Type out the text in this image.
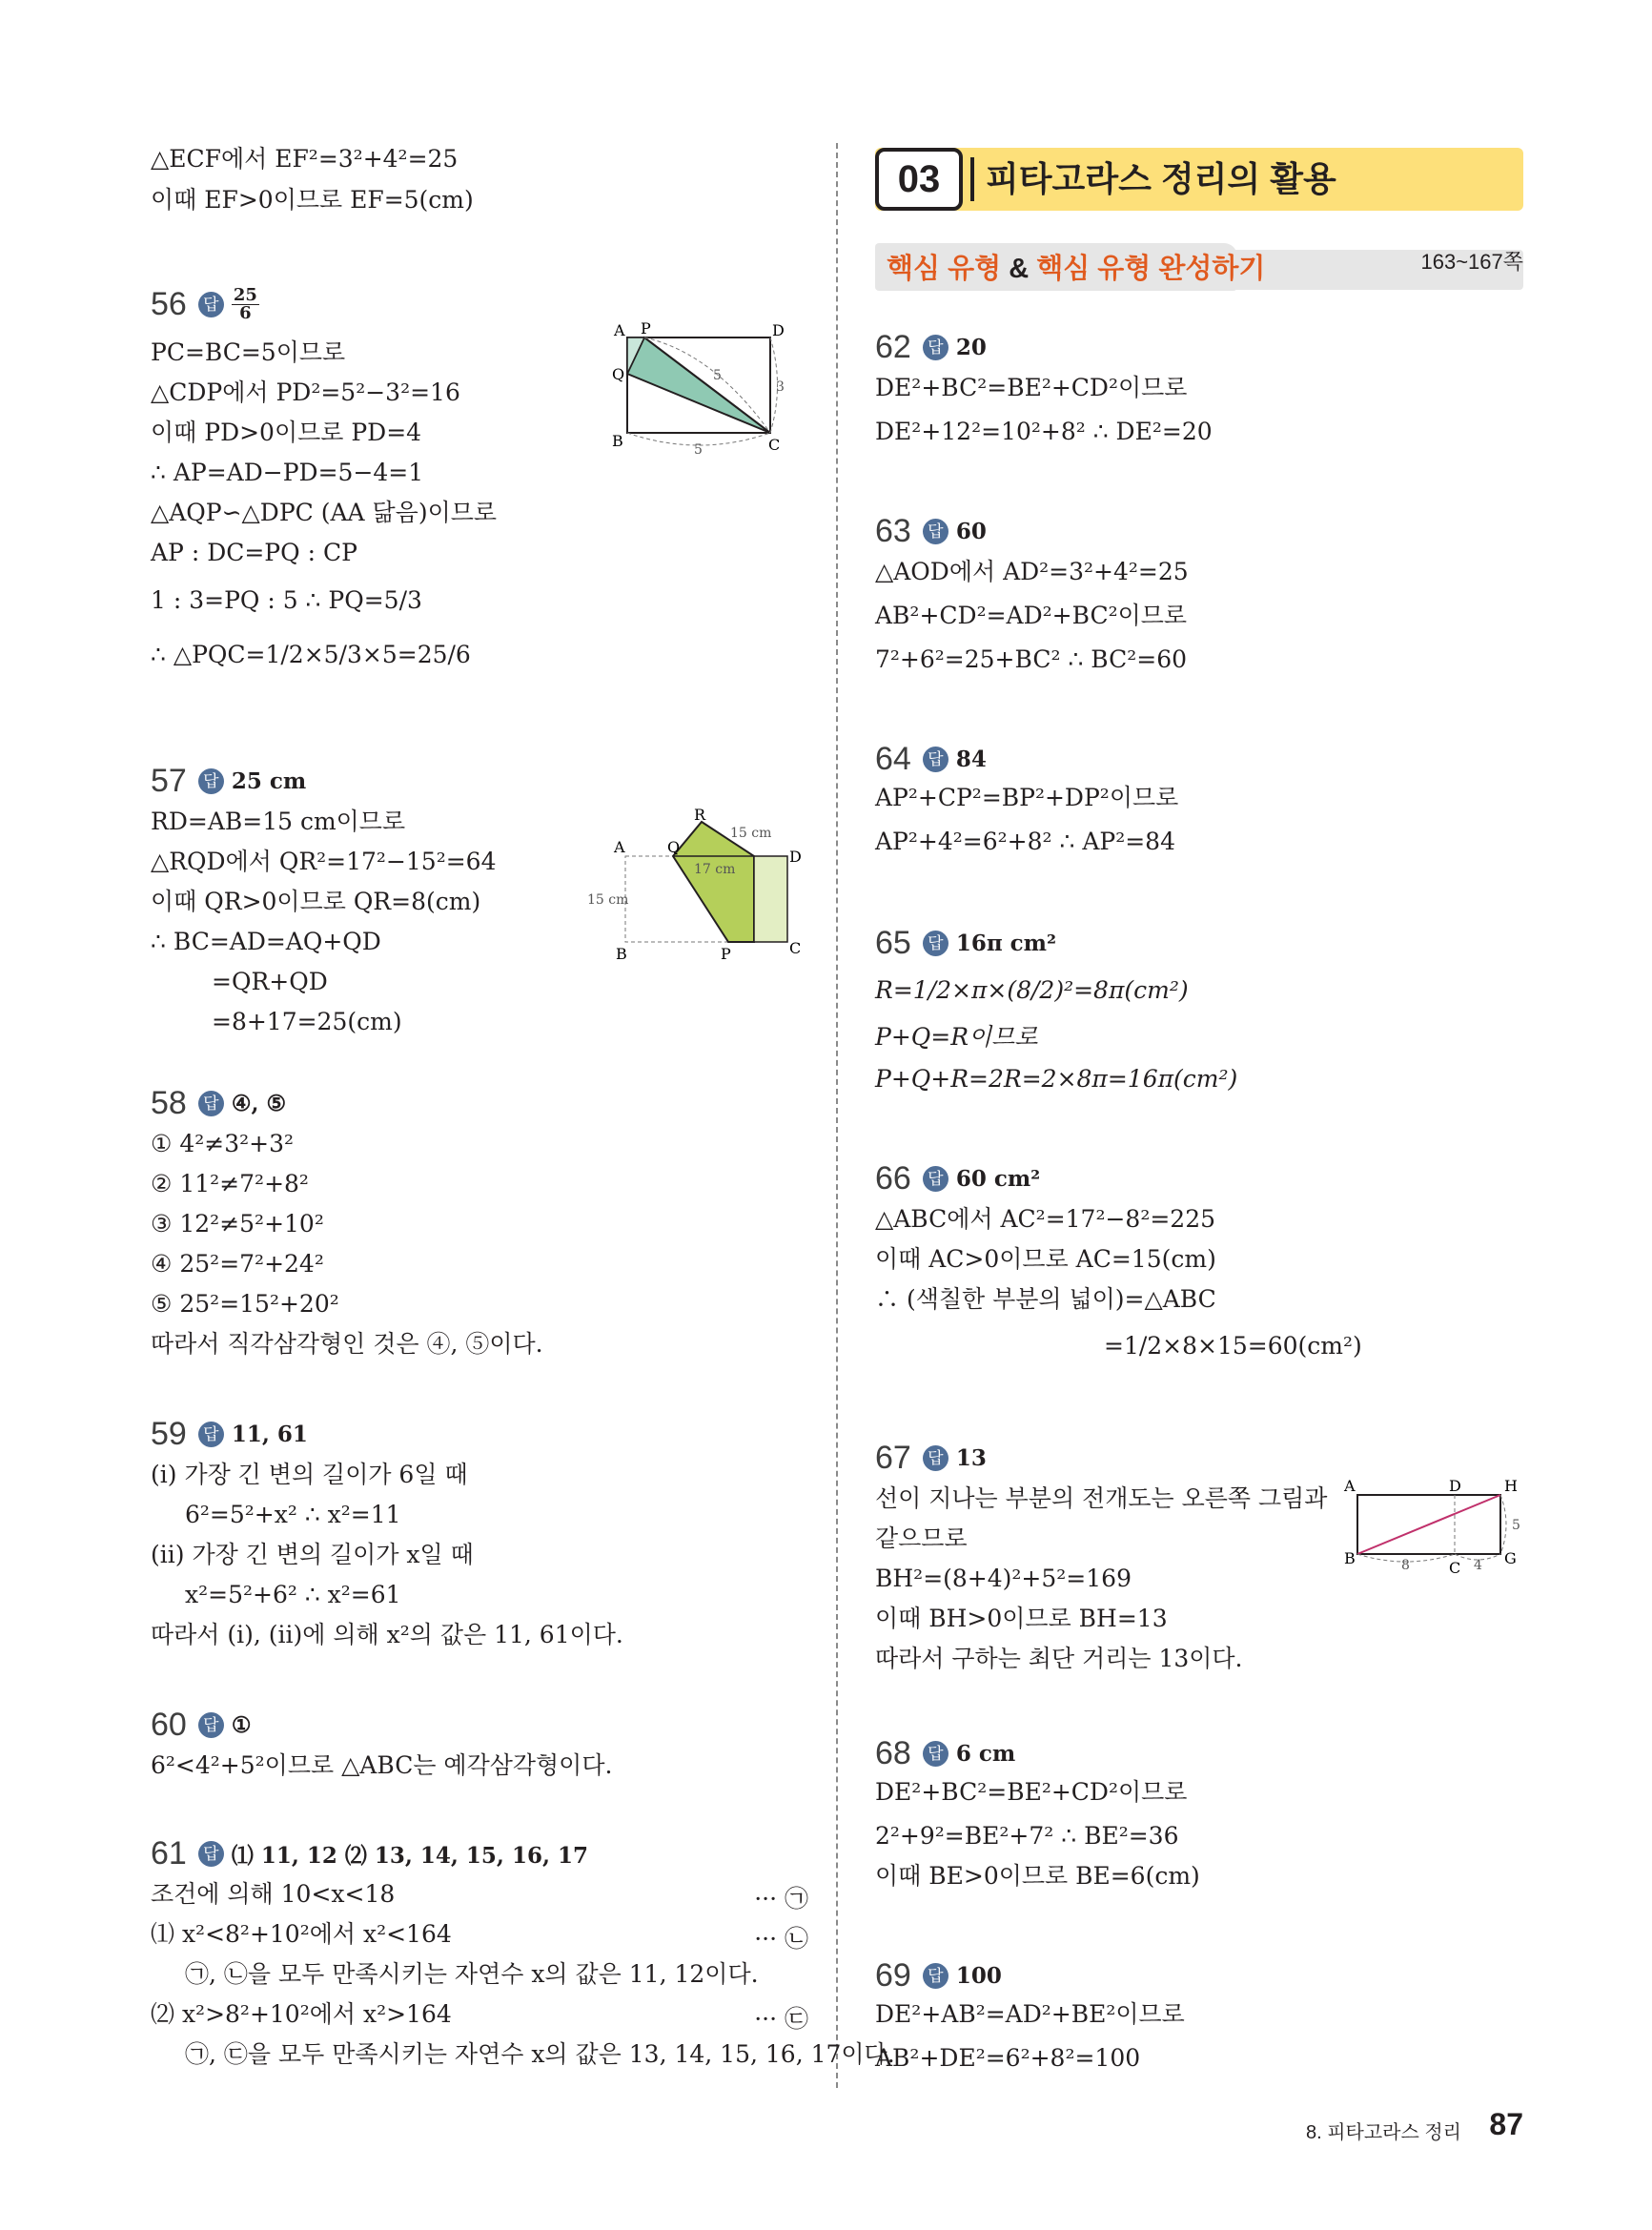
△ECF에서 EF²=3²+4²=25
이때 EF>0이므로 EF=5(cm)
56	답 $\frac{25}{6}$
PC=BC=5이므로
△CDP에서 PD²=5²−3²=16
이때 PD>0이므로 PD=4
∴ AP=AD−PD=5−4=1
△AQP∽△DPC (AA 닮음)이므로
AP : DC=PQ : CP
1 : 3=PQ : 5 ∴ PQ=5/3
∴ △PQC=1/2×5/3×5=25/6
A P	D
Q
B	C
5
5
3
57	답 25 cm
RD=AB=15 cm이므로
△RQD에서 QR²=17²−15²=64
이때 QR>0이므로 QR=8(cm)
∴ BC=AD=AQ+QD
=QR+QD
=8+17=25(cm)
R
A	Q
D
B	P	C
15 cm
17 cm
15 cm
58	답 ④, ⑤
① 4²≠3²+3²
② 11²≠7²+8²
③ 12²≠5²+10²
④ 25²=7²+24²
⑤ 25²=15²+20²
따라서 직각삼각형인 것은 ④, ⑤이다.
59	답 11, 61
(i) 가장 긴 변의 길이가 6일 때
6²=5²+x² ∴ x²=11
(ii) 가장 긴 변의 길이가 x일 때
x²=5²+6² ∴ x²=61
따라서 (i), (ii)에 의해 x²의 값은 11, 61이다.
60	답 ①
6²<4²+5²이므로 △ABC는 예각삼각형이다.
61	답 ⑴ 11, 12 ⑵ 13, 14, 15, 16, 17
조건에 의해 10<x<18	··· ㉠
⑴ x²<8²+10²에서 x²<164	··· ㉡
㉠, ㉡을 모두 만족시키는 자연수 x의 값은 11, 12이다.
⑵ x²>8²+10²에서 x²>164	··· ㉢
㉠, ㉢을 모두 만족시키는 자연수 x의 값은 13, 14, 15, 16, 17이다.
03	피타고라스 정리의 활용
핵심 유형 & 핵심 유형 완성하기	163~167쪽
62	답 20
DE²+BC²=BE²+CD²이므로
DE²+12²=10²+8² ∴ DE²=20
63	답 60
△AOD에서 AD²=3²+4²=25
AB²+CD²=AD²+BC²이므로
7²+6²=25+BC² ∴ BC²=60
64	답 84
AP²+CP²=BP²+DP²이므로
AP²+4²=6²+8² ∴ AP²=84
65	답 16π cm²
R=1/2×π×(8/2)²=8π(cm²)
P+Q=R이므로
P+Q+R=2R=2×8π=16π(cm²)
66	답 60 cm²
△ABC에서 AC²=17²−8²=225
이때 AC>0이므로 AC=15(cm)
∴ (색칠한 부분의 넓이)=△ABC
=1/2×8×15=60(cm²)
67	답 13
선이 지나는 부분의 전개도는 오른쪽 그림과
같으므로
BH²=(8+4)²+5²=169
이때 BH>0이므로 BH=13
따라서 구하는 최단 거리는 13이다.
A	D	H
B
C
G
8	4
5
68	답 6 cm
DE²+BC²=BE²+CD²이므로
2²+9²=BE²+7² ∴ BE²=36
이때 BE>0이므로 BE=6(cm)
69	답 100
DE²+AB²=AD²+BE²이므로
AB²+DE²=6²+8²=100
8. 피타고라스 정리 87
